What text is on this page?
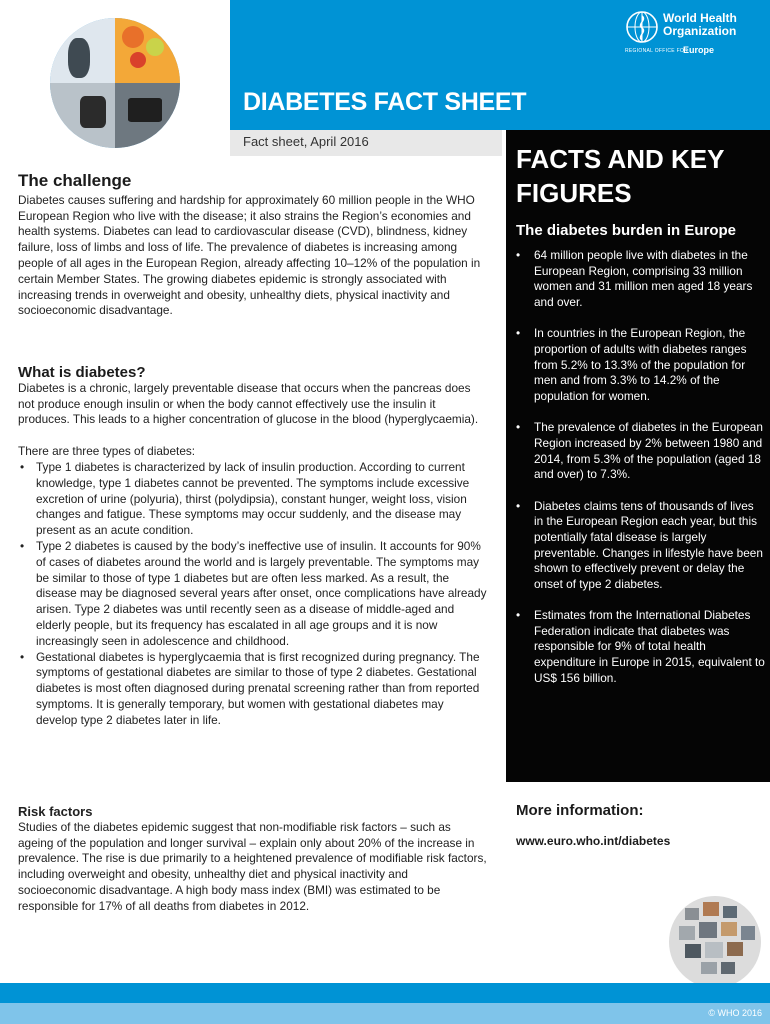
World Health
Organization
REGIONAL OFFICE FOR
Europe
DIABETES FACT SHEET
Fact sheet, April 2016
The challenge
Diabetes causes suffering and hardship for approximately 60 million people in the WHO European Region who live with the disease; it also strains the Region’s economies and health systems. Diabetes can lead to cardiovascular disease (CVD), blindness, kidney failure, loss of limbs and loss of life. The prevalence of diabetes is increasing among people of all ages in the European Region, already affecting 10–12% of the population in certain Member States. The growing diabetes epidemic is strongly associated with increasing trends in overweight and obesity, unhealthy diets, physical inactivity and socioeconomic disadvantage.
What is diabetes?
Diabetes is a chronic, largely preventable disease that occurs when the pancreas does not produce enough insulin or when the body cannot effectively use the insulin it produces. This leads to a higher concentration of glucose in the blood (hyperglycaemia).
There are three types of diabetes:
• Type 1 diabetes is characterized by lack of insulin production. According to current knowledge, type 1 diabetes cannot be prevented. The symptoms include excessive excretion of urine (polyuria), thirst (polydipsia), constant hunger, weight loss, vision changes and fatigue. These symptoms may occur suddenly, and the disease may present as an acute condition.
• Type 2 diabetes is caused by the body’s ineffective use of insulin. It accounts for 90% of cases of diabetes around the world and is largely preventable. The symptoms may be similar to those of type 1 diabetes but are often less marked. As a result, the disease may be diagnosed several years after onset, once complications have already arisen. Type 2 diabetes was until recently seen as a disease of middle-aged and elderly people, but its frequency has escalated in all age groups and it is now increasingly seen in adolescence and childhood.
• Gestational diabetes is hyperglycaemia that is first recognized during pregnancy. The symptoms of gestational diabetes are similar to those of type 2 diabetes. Gestational diabetes is most often diagnosed during prenatal screening rather than from reported symptoms. It is generally temporary, but women with gestational diabetes may develop type 2 diabetes later in life.
Risk factors
Studies of the diabetes epidemic suggest that non-modifiable risk factors – such as ageing of the population and longer survival – explain only about 20% of the increase in prevalence. The rise is due primarily to a heightened prevalence of modifiable risk factors, including overweight and obesity, unhealthy diet and physical inactivity and socioeconomic disadvantage. A high body mass index (BMI) was estimated to be responsible for 17% of all deaths from diabetes in 2012.
FACTS AND KEY FIGURES
The diabetes burden in Europe
• 64 million people live with diabetes in the European Region, comprising 33 million women and 31 million men aged 18 years and over.
• In countries in the European Region, the proportion of adults with diabetes ranges from 5.2% to 13.3% of the population for men and from 3.3% to 14.2% of the population for women.
• The prevalence of diabetes in the European Region increased by 2% between 1980 and 2014, from 5.3% of the population (aged 18 and over) to 7.3%.
• Diabetes claims tens of thousands of lives in the European Region each year, but this potentially fatal disease is largely preventable. Changes in lifestyle have been shown to effectively prevent or delay the onset of type 2 diabetes.
• Estimates from the International Diabetes Federation indicate that diabetes was responsible for 9% of total health expenditure in Europe in 2015, equivalent to US$ 156 billion.
More information:
www.euro.who.int/diabetes
© WHO 2016
